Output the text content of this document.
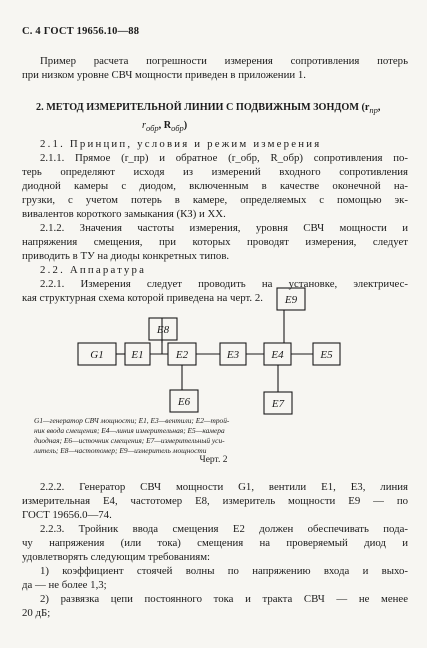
С. 4 ГОСТ 19656.10—88
Пример расчета погрешности измерения сопротивления потерь
при низком уровне СВЧ мощности приведен в приложении 1.
2. МЕТОД ИЗМЕРИТЕЛЬНОЙ ЛИНИИ С ПОДВИЖНЫМ ЗОНДОМ ($r_{пр}$,
$r_{обр}$, $R_{обр}$)
2.1. Принцип, условия и режим измерения
2.1.1. Прямое (r_пр) и обратное (r_обр, R_обр) сопротивления по-
терь определяют исходя из измерений входного сопротивления
диодной камеры с диодом, включенным в качестве оконечной на-
грузки, с учетом потерь в камере, определяемых с помощью эк-
вивалентов короткого замыкания (КЗ) и XX.
2.1.2. Значения частоты измерения, уровня СВЧ мощности и
напряжения смещения, при которых проводят измерения, следует
приводить в ТУ на диоды конкретных типов.
2.2. Аппаратура
2.2.1. Измерения следует проводить на установке, электричес-
кая структурная схема которой приведена на черт. 2.
G1	E1	E2	E3	E4	E5
E6	E7
E8
E9
G1—генератор СВЧ мощности; E1, E3—вентили; E2—трой-
ник ввода смещения; E4—линия измерительная; E5—камера
диодная; E6—источник смещения; E7—измерительный уси-
литель; E8—частотомер; E9—измеритель мощности
Черт. 2
2.2.2. Генератор СВЧ мощности G1, вентили E1, E3, линия
измерительная E4, частотомер E8, измеритель мощности E9 — по
ГОСТ 19656.0—74.
2.2.3. Тройник ввода смещения E2 должен обеспечивать пода-
чу напряжения (или тока) смещения на проверяемый диод и
удовлетворять следующим требованиям:
1) коэффициент стоячей волны по напряжению входа и выхо-
да — не более 1,3;
2) развязка цепи постоянного тока и тракта СВЧ — не менее
20 дБ;
